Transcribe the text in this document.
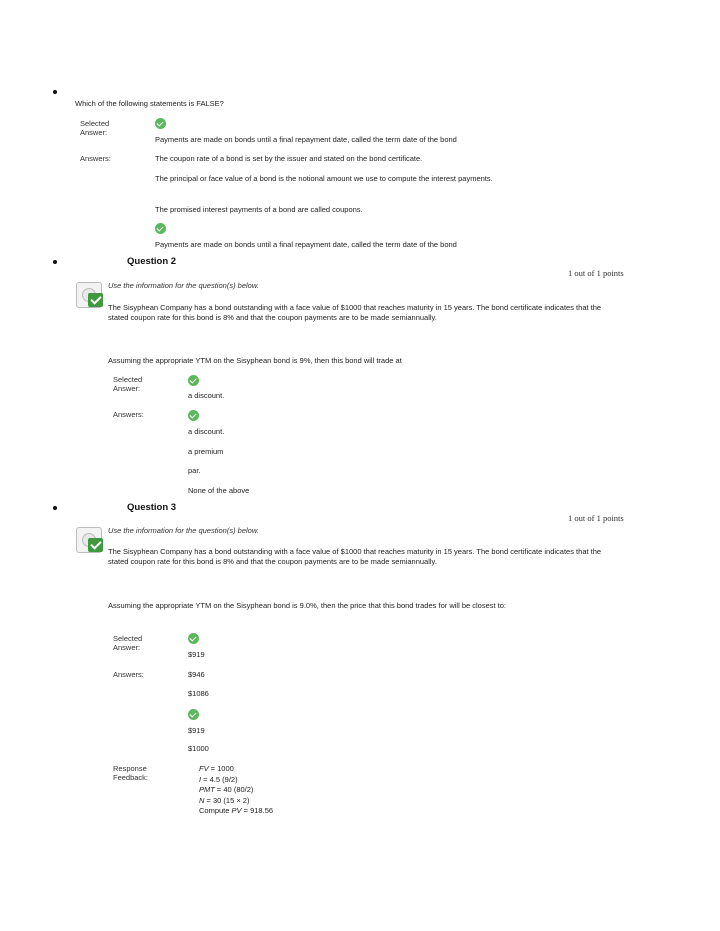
Which of the following statements is FALSE?
Selected Answer:
Payments are made on bonds until a final repayment date, called the term date of the bond
Answers:	The coupon rate of a bond is set by the issuer and stated on the bond certificate.
The principal or face value of a bond is the notional amount we use to compute the interest payments.
The promised interest payments of a bond are called coupons.
Payments are made on bonds until a final repayment date, called the term date of the bond
Question 2
1 out of 1 points
Use the information for the question(s) below.
The Sisyphean Company has a bond outstanding with a face value of $1000 that reaches maturity in 15 years. The bond certificate indicates that the stated coupon rate for this bond is 8% and that the coupon payments are to be made semiannually.
Assuming the appropriate YTM on the Sisyphean bond is 9%, then this bond will trade at
Selected Answer:
a discount.
Answers:
a discount.
a premium
par.
None of the above
Question 3
1 out of 1 points
Use the information for the question(s) below.
The Sisyphean Company has a bond outstanding with a face value of $1000 that reaches maturity in 15 years. The bond certificate indicates that the stated coupon rate for this bond is 8% and that the coupon payments are to be made semiannually.
Assuming the appropriate YTM on the Sisyphean bond is 9.0%, then the price that this bond trades for will be closest to:
Selected Answer:
$919
Answers:	$946
$1086
$919
$1000
Response Feedback:
FV = 1000
I = 4.5 (9/2)
PMT = 40 (80/2)
N = 30 (15 × 2)
Compute PV = 918.56
